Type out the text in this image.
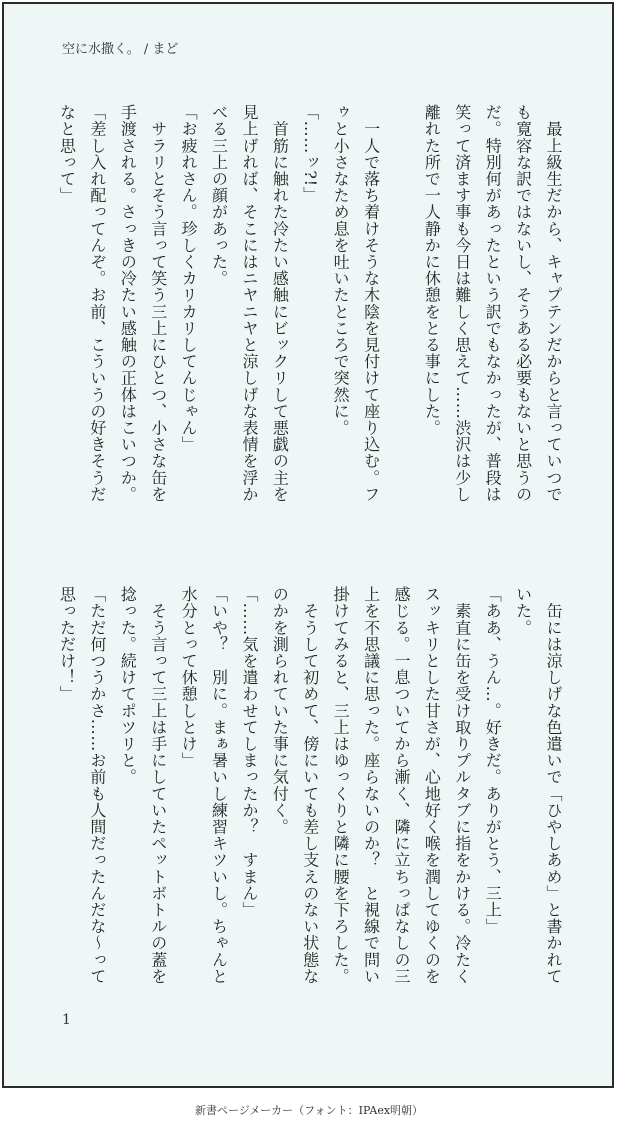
空に水撒く。 / まど
　最上級生だから、キャプテンだからと言っていつで
も寛容な訳ではないし、そうある必要もないと思うの
だ。特別何があったという訳でもなかったが、普段は
笑って済ます事も今日は難しく思えて……渋沢は少し
離れた所で一人静かに休憩をとる事にした。

　一人で落ち着けそうな木陰を見付けて座り込む。フ
ゥと小さなため息を吐いたところで突然に。
「……ッ?!」
　首筋に触れた冷たい感触にビックリして悪戯の主を
見上げれば、そこにはニヤニヤと涼しげな表情を浮か
べる三上の顔があった。
「お疲れさん。珍しくカリカリしてんじゃん」
　サラリとそう言って笑う三上にひとつ、小さな缶を
手渡される。さっきの冷たい感触の正体はこいつか。
「差し入れ配ってんぞ。お前、こういうの好きそうだ
なと思って」
　缶には涼しげな色遣いで「ひやしあめ」と書かれて
いた。
「ああ、うん…。好きだ。ありがとう、三上」
　素直に缶を受け取りプルタブに指をかける。冷たく
スッキリとした甘さが、心地好く喉を潤してゆくのを
感じる。一息ついてから漸く、隣に立ちっぱなしの三
上を不思議に思った。座らないのか？　と視線で問い
掛けてみると、三上はゆっくりと隣に腰を下ろした。
　そうして初めて、傍にいても差し支えのない状態な
のかを測られていた事に気付く。
「……気を遣わせてしまったか？　すまん」
「いや？　別に。まぁ暑いし練習キツいし。ちゃんと
水分とって休憩しとけ」
　そう言って三上は手にしていたペットボトルの蓋を
捻った。続けてポツリと。
「ただ何つうかさ……お前も人間だったんだな～って
思っただけ！」
1
新書ページメーカー（フォント：IPAex明朝）
